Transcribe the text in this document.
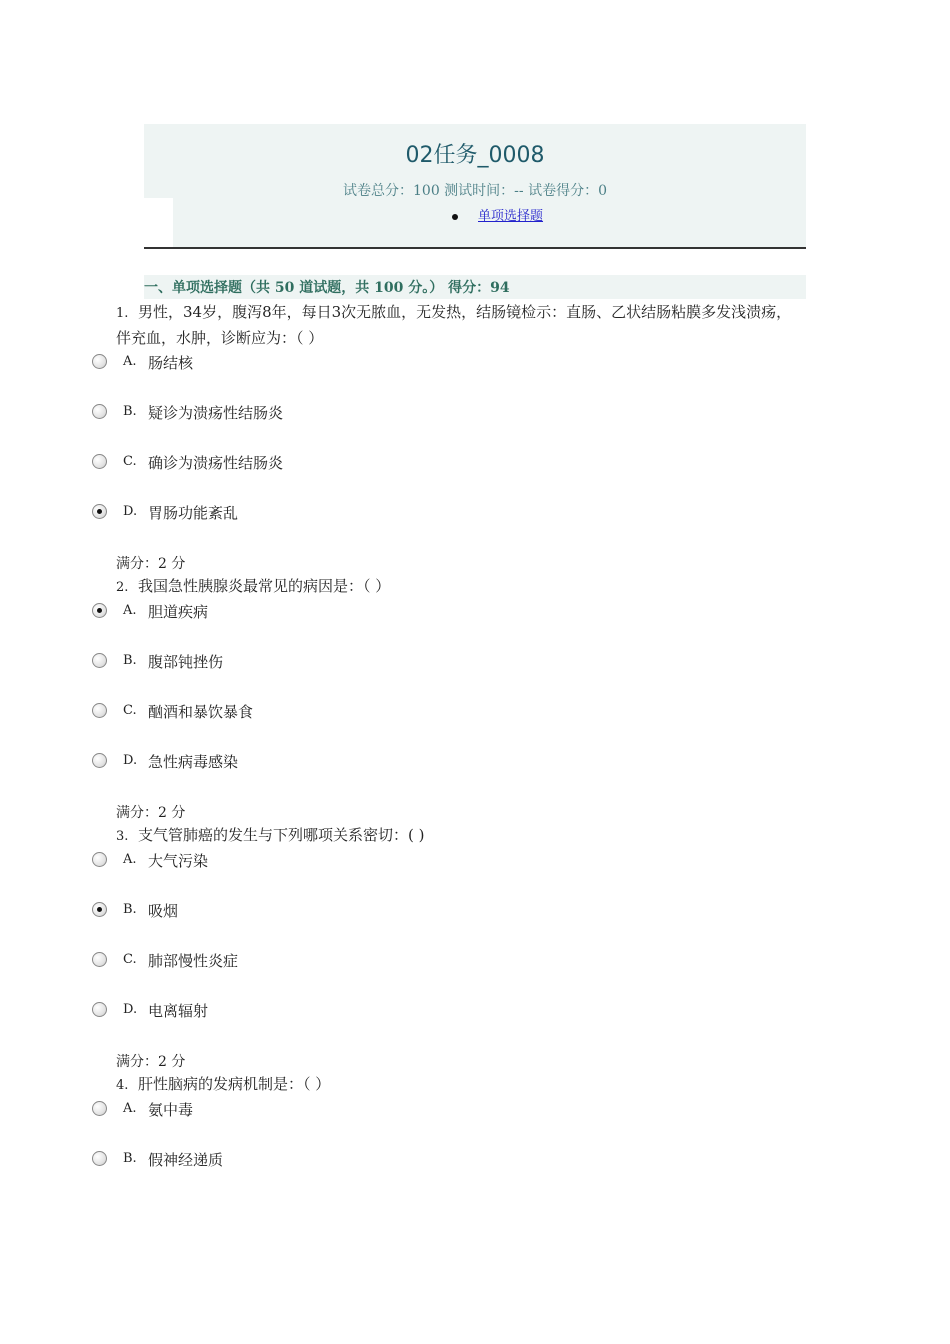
02任务_0008
试卷总分：100 测试时间：-- 试卷得分：0
单项选择题
一、单项选择题（共 50 道试题，共 100 分。） 得分：94
1. 男性，34岁，腹泻8年，每日3次无脓血，无发热，结肠镜检示：直肠、乙状结肠粘膜多发浅溃疡，伴充血，水肿，诊断应为：（ ）
A. 肠结核
B. 疑诊为溃疡性结肠炎
C. 确诊为溃疡性结肠炎
D. 胃肠功能紊乱
满分：2 分
2. 我国急性胰腺炎最常见的病因是：（ ）
A. 胆道疾病
B. 腹部钝挫伤
C. 酗酒和暴饮暴食
D. 急性病毒感染
满分：2 分
3. 支气管肺癌的发生与下列哪项关系密切：( )
A. 大气污染
B. 吸烟
C. 肺部慢性炎症
D. 电离辐射
满分：2 分
4. 肝性脑病的发病机制是：（ ）
A. 氨中毒
B. 假神经递质
